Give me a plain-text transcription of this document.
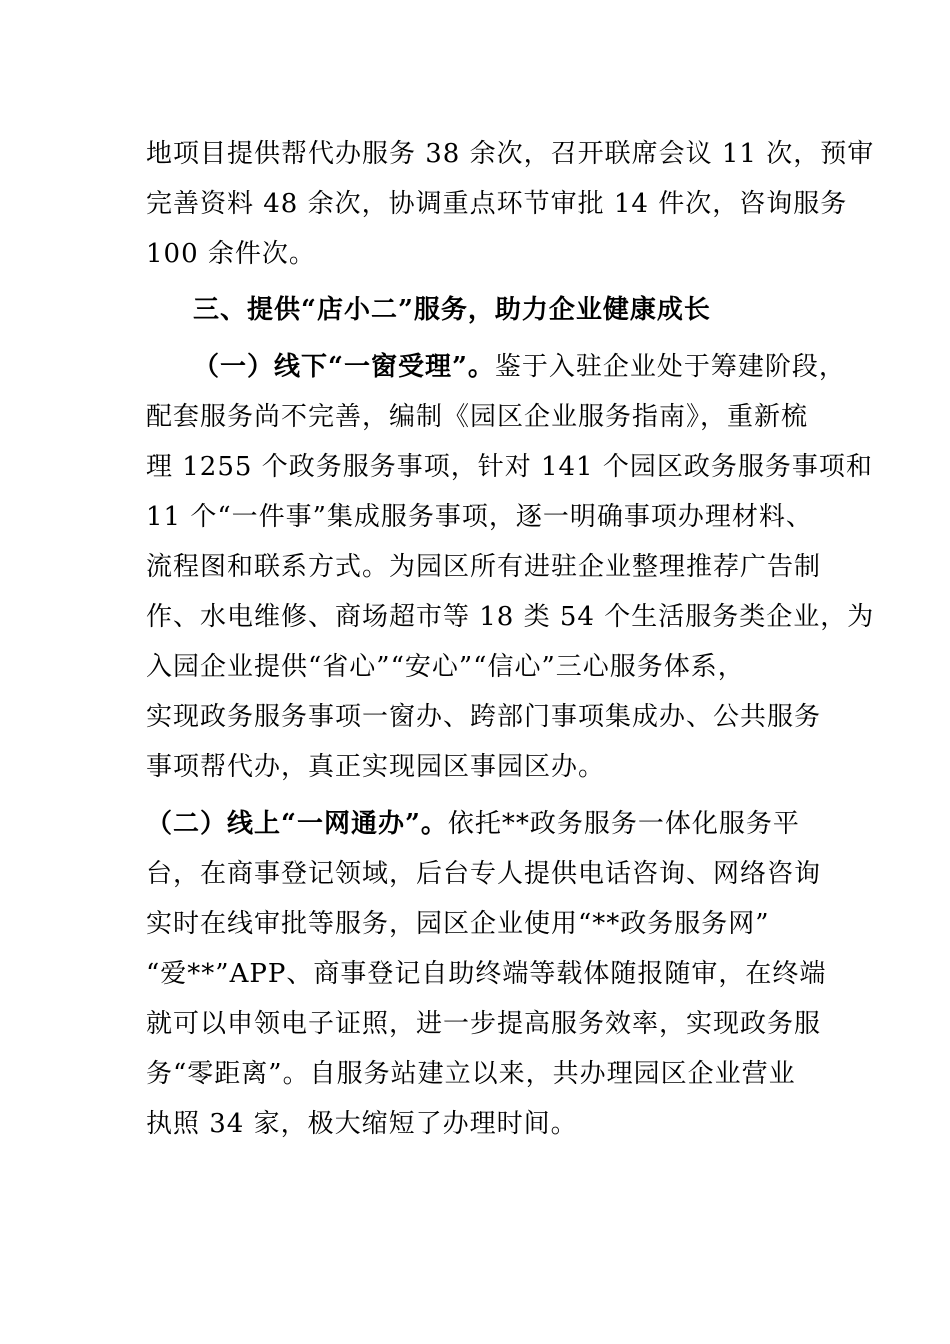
地项目提供帮代办服务 38 余次，召开联席会议 11 次，预审
完善资料 48 余次，协调重点环节审批 14 件次，咨询服务
100 余件次。
三、提供“店小二”服务，助力企业健康成长
（一）线下“一窗受理”。鉴于入驻企业处于筹建阶段，
配套服务尚不完善，编制《园区企业服务指南》，重新梳
理 1255 个政务服务事项，针对 141 个园区政务服务事项和
11 个“一件事”集成服务事项，逐一明确事项办理材料、
流程图和联系方式。为园区所有进驻企业整理推荐广告制
作、水电维修、商场超市等 18 类 54 个生活服务类企业，为
入园企业提供“省心”“安心”“信心”三心服务体系，
实现政务服务事项一窗办、跨部门事项集成办、公共服务
事项帮代办，真正实现园区事园区办。
（二）线上“一网通办”。依托**政务服务一体化服务平
台，在商事登记领域，后台专人提供电话咨询、网络咨询
实时在线审批等服务，园区企业使用“**政务服务网”
“爱**”APP、商事登记自助终端等载体随报随审，在终端
就可以申领电子证照，进一步提高服务效率，实现政务服
务“零距离”。自服务站建立以来，共办理园区企业营业
执照 34 家，极大缩短了办理时间。
